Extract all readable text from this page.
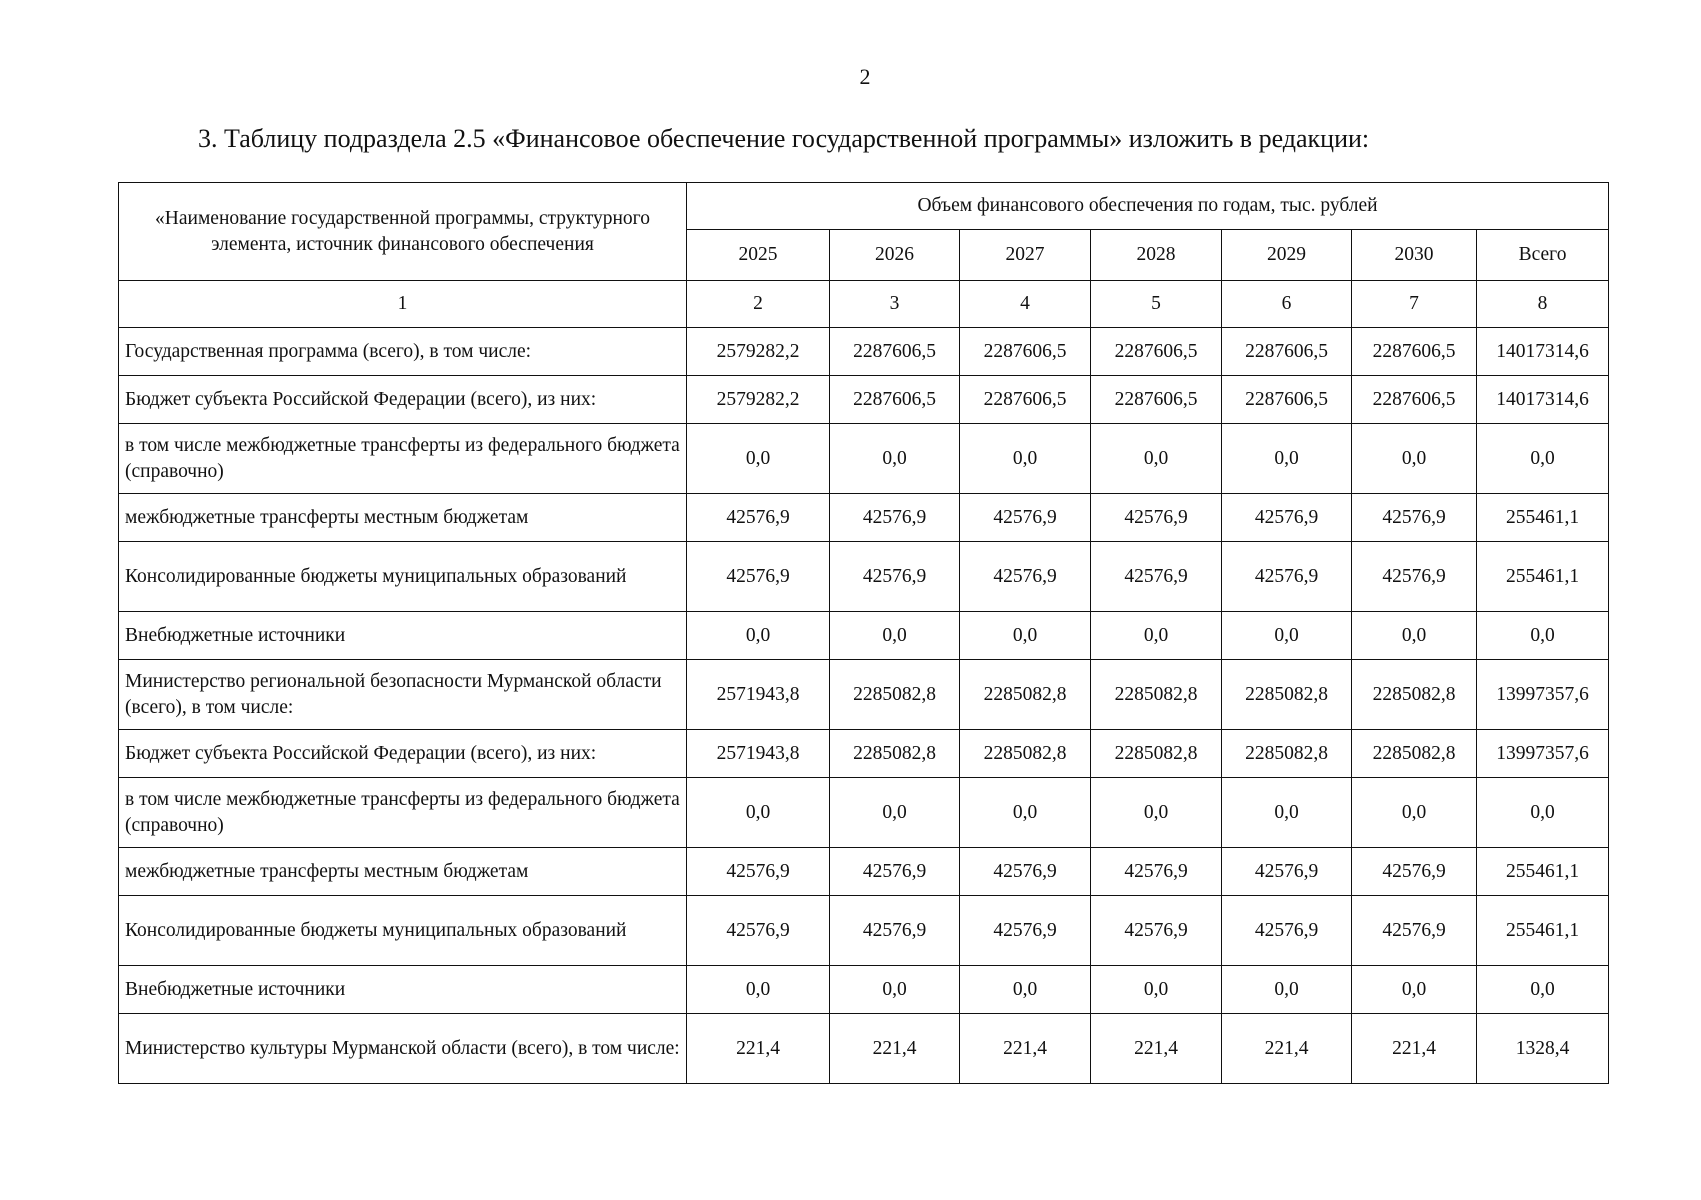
2
3. Таблицу подраздела 2.5 «Финансовое обеспечение государственной программы» изложить в редакции:
«Наименование государственной программы, структурного элемента, источник финансового обеспечения	Объем финансового обеспечения по годам, тыс. рублей						
	2025	2026	2027	2028	2029	2030	Всего
1	2	3	4	5	6	7	8
Государственная программа (всего), в том числе:	2579282,2	2287606,5	2287606,5	2287606,5	2287606,5	2287606,5	14017314,6
Бюджет субъекта Российской Федерации (всего), из них:	2579282,2	2287606,5	2287606,5	2287606,5	2287606,5	2287606,5	14017314,6
в том числе межбюджетные трансферты из федерального бюджета (справочно)	0,0	0,0	0,0	0,0	0,0	0,0	0,0
межбюджетные трансферты местным бюджетам	42576,9	42576,9	42576,9	42576,9	42576,9	42576,9	255461,1
Консолидированные бюджеты муниципальных образований	42576,9	42576,9	42576,9	42576,9	42576,9	42576,9	255461,1
Внебюджетные источники	0,0	0,0	0,0	0,0	0,0	0,0	0,0
Министерство региональной безопасности Мурманской области (всего), в том числе:	2571943,8	2285082,8	2285082,8	2285082,8	2285082,8	2285082,8	13997357,6
Бюджет субъекта Российской Федерации (всего), из них:	2571943,8	2285082,8	2285082,8	2285082,8	2285082,8	2285082,8	13997357,6
в том числе межбюджетные трансферты из федерального бюджета (справочно)	0,0	0,0	0,0	0,0	0,0	0,0	0,0
межбюджетные трансферты местным бюджетам	42576,9	42576,9	42576,9	42576,9	42576,9	42576,9	255461,1
Консолидированные бюджеты муниципальных образований	42576,9	42576,9	42576,9	42576,9	42576,9	42576,9	255461,1
Внебюджетные источники	0,0	0,0	0,0	0,0	0,0	0,0	0,0
Министерство культуры Мурманской области (всего), в том числе:	221,4	221,4	221,4	221,4	221,4	221,4	1328,4
